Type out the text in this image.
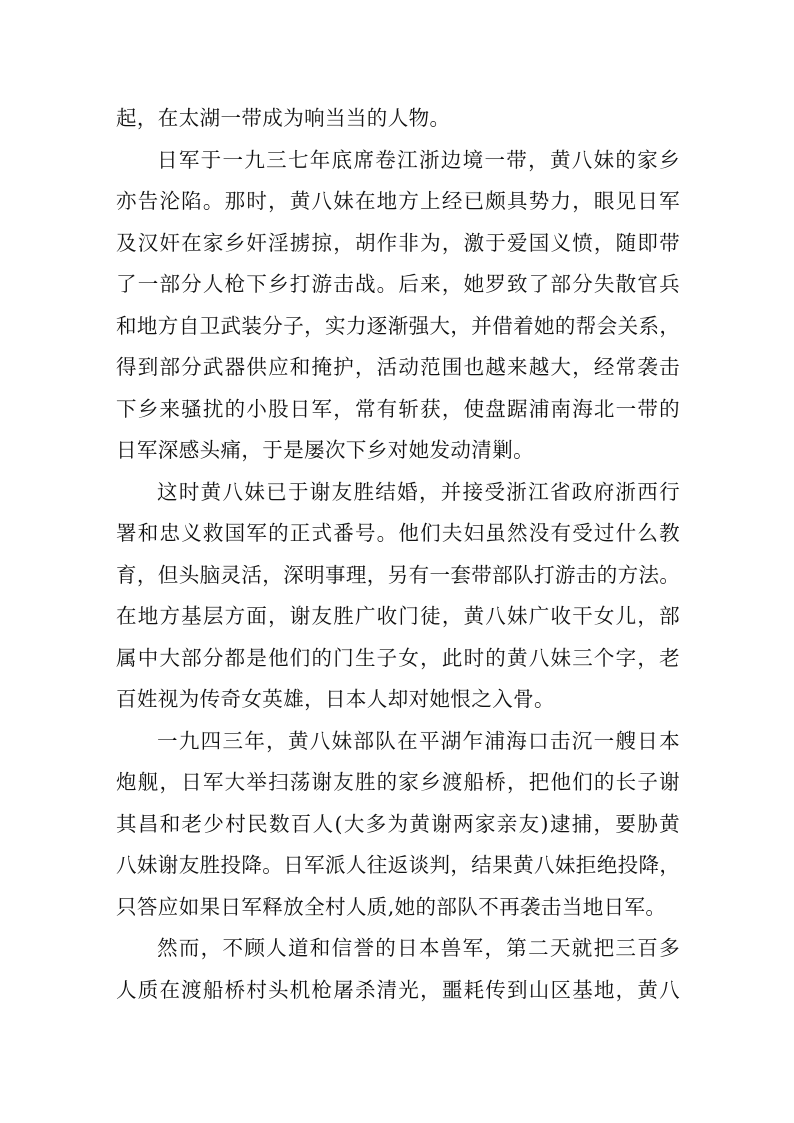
起，在太湖一带成为响当当的人物。
日军于一九三七年底席卷江浙边境一带，黄八妹的家乡
亦告沦陷。那时，黄八妹在地方上经已颇具势力，眼见日军
及汉奸在家乡奸淫掳掠，胡作非为，激于爱国义愤，随即带
了一部分人枪下乡打游击战。后来，她罗致了部分失散官兵
和地方自卫武装分子，实力逐渐强大，并借着她的帮会关系，
得到部分武器供应和掩护，活动范围也越来越大，经常袭击
下乡来骚扰的小股日军，常有斩获，使盘踞浦南海北一带的
日军深感头痛，于是屡次下乡对她发动清剿。
这时黄八妹已于谢友胜结婚，并接受浙江省政府浙西行
署和忠义救国军的正式番号。他们夫妇虽然没有受过什么教
育，但头脑灵活，深明事理，另有一套带部队打游击的方法。
在地方基层方面，谢友胜广收门徒，黄八妹广收干女儿，部
属中大部分都是他们的门生子女，此时的黄八妹三个字，老
百姓视为传奇女英雄，日本人却对她恨之入骨。
一九四三年，黄八妹部队在平湖乍浦海口击沉一艘日本
炮舰，日军大举扫荡谢友胜的家乡渡船桥，把他们的长子谢
其昌和老少村民数百人(大多为黄谢两家亲友)逮捕，要胁黄
八妹谢友胜投降。日军派人往返谈判，结果黄八妹拒绝投降，
只答应如果日军释放全村人质,她的部队不再袭击当地日军。
然而，不顾人道和信誉的日本兽军，第二天就把三百多
人质在渡船桥村头机枪屠杀清光，噩耗传到山区基地，黄八
